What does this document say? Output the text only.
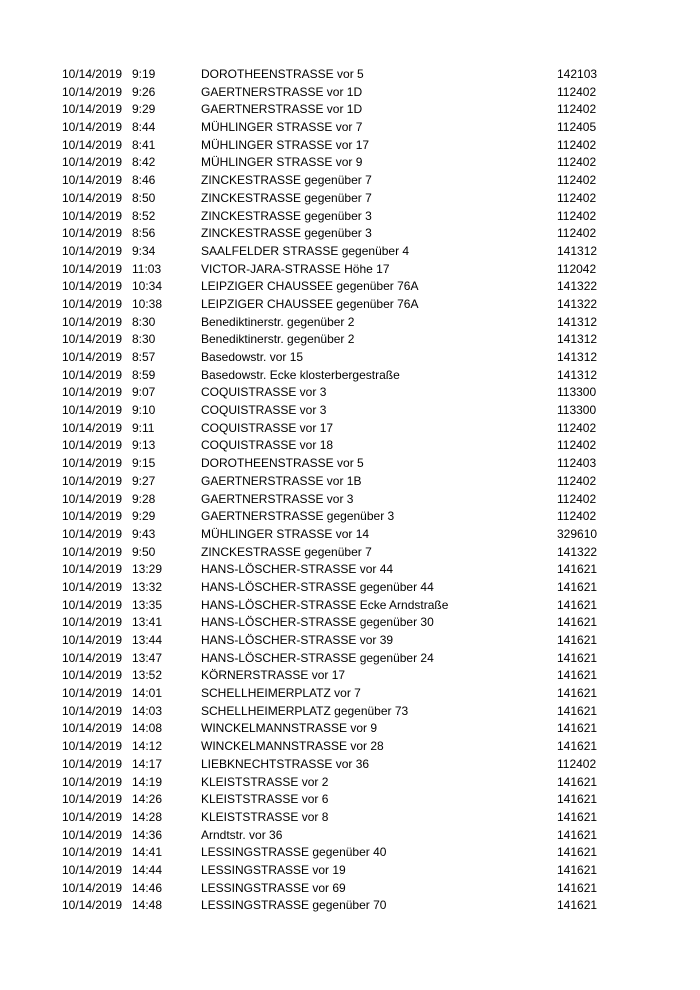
10/14/2019 9:19	DOROTHEENSTRASSE vor 5	142103
10/14/2019 9:26	GAERTNERSTRASSE vor 1D	112402
10/14/2019 9:29	GAERTNERSTRASSE vor 1D	112402
10/14/2019 8:44	MÜHLINGER STRASSE vor 7	112405
10/14/2019 8:41	MÜHLINGER STRASSE vor 17	112402
10/14/2019 8:42	MÜHLINGER STRASSE vor 9	112402
10/14/2019 8:46	ZINCKESTRASSE gegenüber 7	112402
10/14/2019 8:50	ZINCKESTRASSE gegenüber 7	112402
10/14/2019 8:52	ZINCKESTRASSE gegenüber 3	112402
10/14/2019 8:56	ZINCKESTRASSE gegenüber 3	112402
10/14/2019 9:34	SAALFELDER STRASSE gegenüber 4	141312
10/14/2019 11:03	VICTOR-JARA-STRASSE Höhe 17	112042
10/14/2019 10:34	LEIPZIGER CHAUSSEE gegenüber 76A	141322
10/14/2019 10:38	LEIPZIGER CHAUSSEE gegenüber 76A	141322
10/14/2019 8:30	Benediktinerstr. gegenüber 2	141312
10/14/2019 8:30	Benediktinerstr. gegenüber 2	141312
10/14/2019 8:57	Basedowstr. vor 15	141312
10/14/2019 8:59	Basedowstr. Ecke klosterbergestraße	141312
10/14/2019 9:07	COQUISTRASSE vor 3	113300
10/14/2019 9:10	COQUISTRASSE vor 3	113300
10/14/2019 9:11	COQUISTRASSE vor 17	112402
10/14/2019 9:13	COQUISTRASSE vor 18	112402
10/14/2019 9:15	DOROTHEENSTRASSE vor 5	112403
10/14/2019 9:27	GAERTNERSTRASSE vor 1B	112402
10/14/2019 9:28	GAERTNERSTRASSE vor 3	112402
10/14/2019 9:29	GAERTNERSTRASSE gegenüber 3	112402
10/14/2019 9:43	MÜHLINGER STRASSE vor 14	329610
10/14/2019 9:50	ZINCKESTRASSE gegenüber 7	141322
10/14/2019 13:29	HANS-LÖSCHER-STRASSE vor 44	141621
10/14/2019 13:32	HANS-LÖSCHER-STRASSE gegenüber 44	141621
10/14/2019 13:35	HANS-LÖSCHER-STRASSE Ecke Arndstraße	141621
10/14/2019 13:41	HANS-LÖSCHER-STRASSE gegenüber 30	141621
10/14/2019 13:44	HANS-LÖSCHER-STRASSE vor 39	141621
10/14/2019 13:47	HANS-LÖSCHER-STRASSE gegenüber 24	141621
10/14/2019 13:52	KÖRNERSTRASSE vor 17	141621
10/14/2019 14:01	SCHELLHEIMERPLATZ vor 7	141621
10/14/2019 14:03	SCHELLHEIMERPLATZ gegenüber 73	141621
10/14/2019 14:08	WINCKELMANNSTRASSE vor 9	141621
10/14/2019 14:12	WINCKELMANNSTRASSE vor 28	141621
10/14/2019 14:17	LIEBKNECHTSTRASSE vor 36	112402
10/14/2019 14:19	KLEISTSTRASSE vor 2	141621
10/14/2019 14:26	KLEISTSTRASSE vor 6	141621
10/14/2019 14:28	KLEISTSTRASSE vor 8	141621
10/14/2019 14:36	Arndtstr. vor 36	141621
10/14/2019 14:41	LESSINGSTRASSE gegenüber 40	141621
10/14/2019 14:44	LESSINGSTRASSE vor 19	141621
10/14/2019 14:46	LESSINGSTRASSE vor 69	141621
10/14/2019 14:48	LESSINGSTRASSE gegenüber 70	141621
